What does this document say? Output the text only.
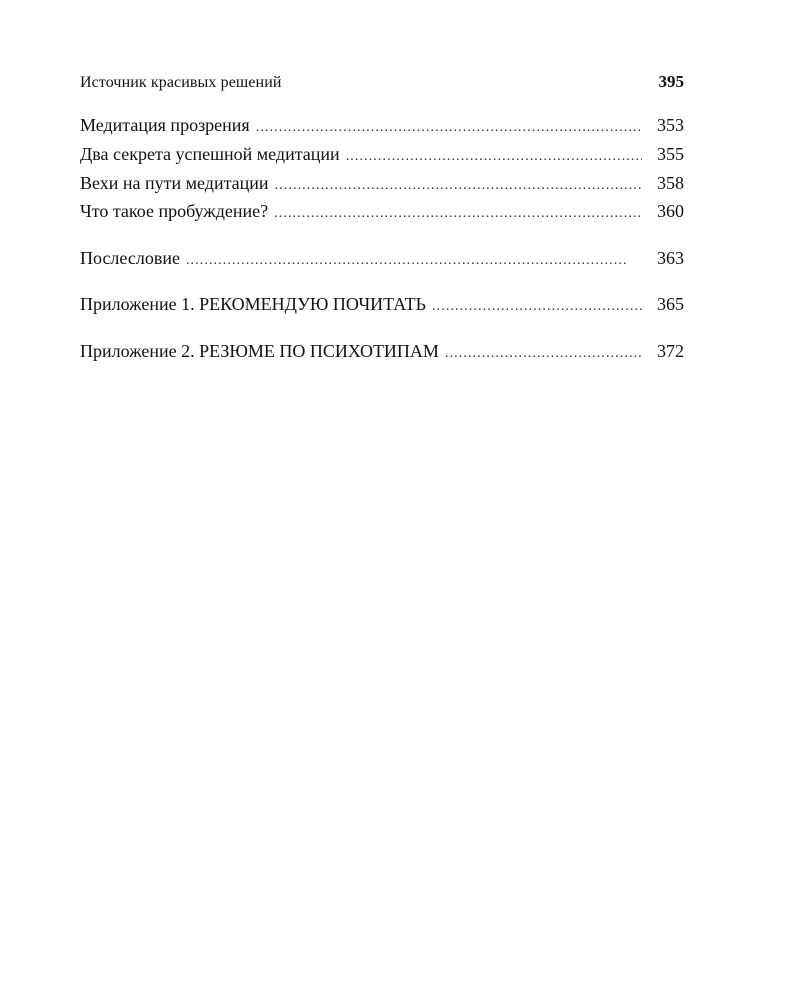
Источник красивых решений	395
Медитация прозрения . . .	353
Два секрета успешной медитации . . .	355
Вехи на пути медитации . . .	358
Что такое пробуждение? . . .	360
Послесловие . . .	363
Приложение 1. РЕКОМЕНДУЮ ПОЧИТАТЬ . . .	365
Приложение 2. РЕЗЮМЕ ПО ПСИХОТИПАМ . . .	372
